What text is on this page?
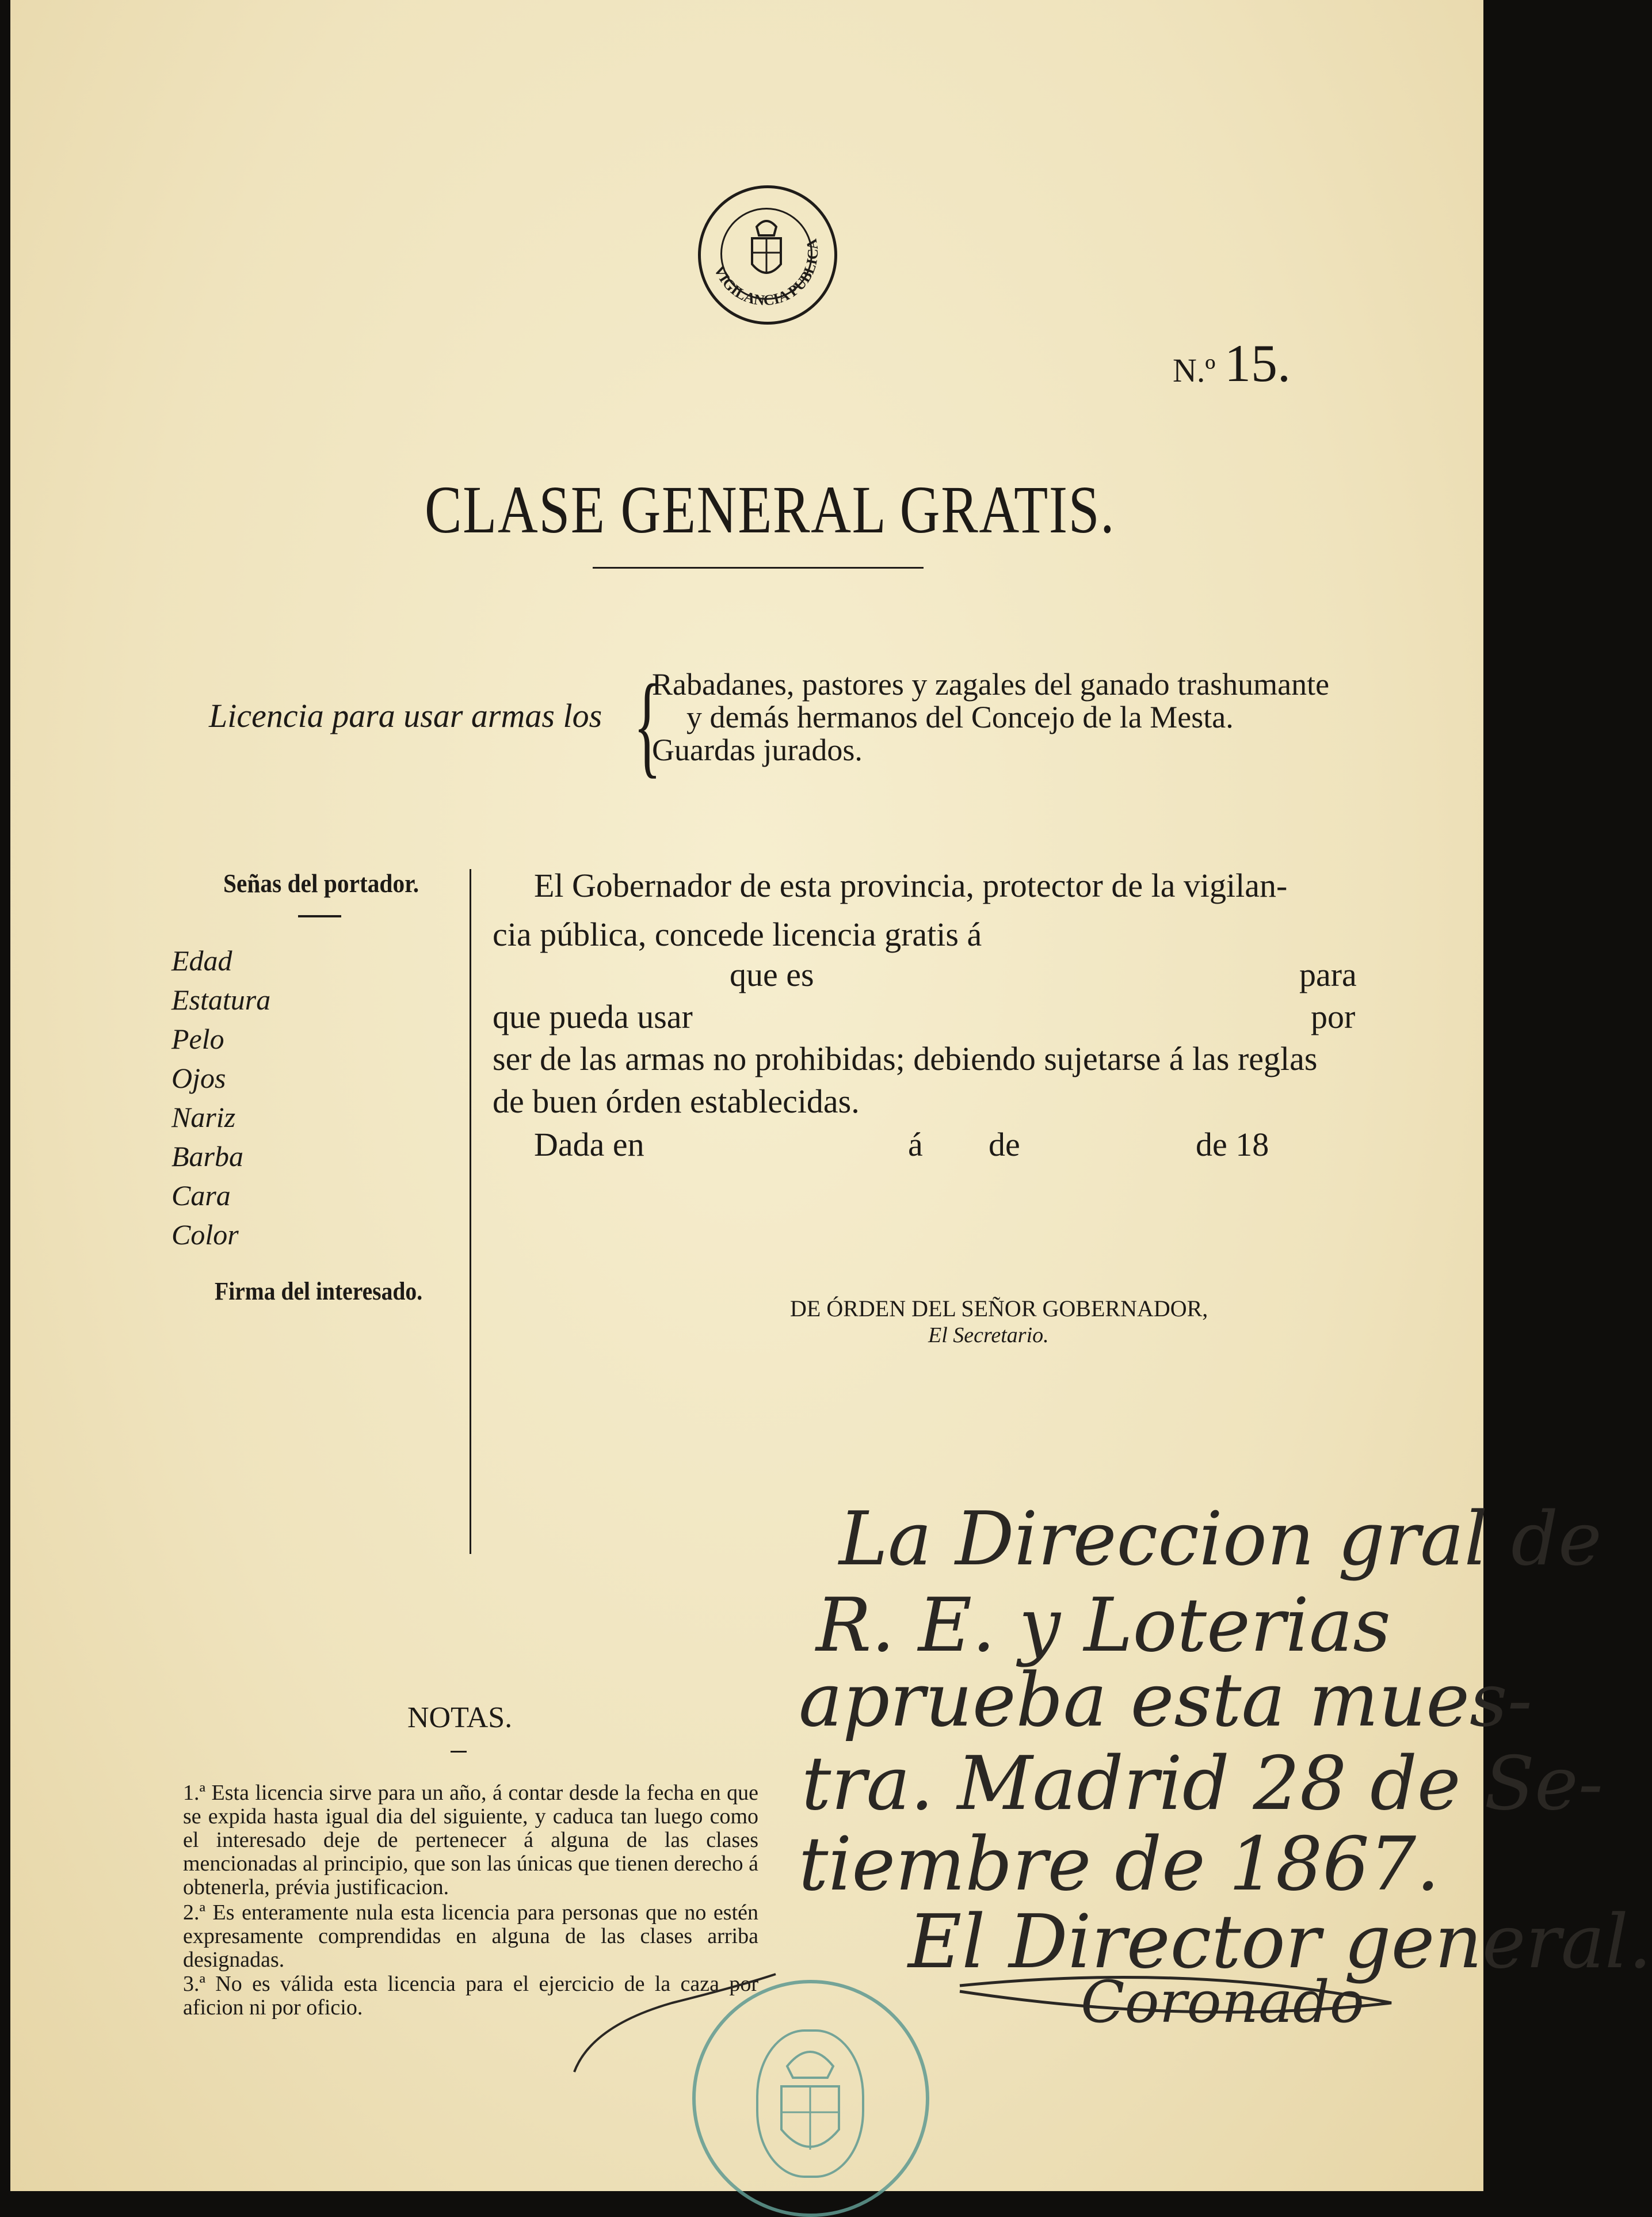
VIGILANCIA PUBLICA
N.º 15.
CLASE GENERAL GRATIS.
Licencia para usar armas los {
Rabadanes, pastores y zagales del ganado trashumante
y demás hermanos del Concejo de la Mesta.
Guardas jurados.
Señas del portador.
Edad
Estatura
Pelo
Ojos
Nariz
Barba
Cara
Color
Firma del interesado.
El Gobernador de esta provincia, protector de la vigilan-
cia pública, concede licencia gratis á
que es	para
que pueda usar	por
ser de las armas no prohibidas; debiendo sujetarse á las reglas
de buen órden establecidas.
Dada en	á de	de 18
DE ÓRDEN DEL SEÑOR GOBERNADOR,
El Secretario.
NOTAS.
1.ª Esta licencia sirve para un año, á contar desde la fecha en que se expida hasta igual dia del siguiente, y caduca tan luego como el interesado deje de pertenecer á alguna de las clases mencionadas al principio, que son las únicas que tienen derecho á obtenerla, prévia justificacion.
2.ª Es enteramente nula esta licencia para personas que no estén expresamente comprendidas en alguna de las clases arriba designadas.
3.ª No es válida esta licencia para el ejercicio de la caza por aficion ni por oficio.
La Direccion gral de
R. E. y Loterias
aprueba esta mues-
tra. Madrid 28 de Se-
tiembre de 1867.
El Director general.
Coronado
